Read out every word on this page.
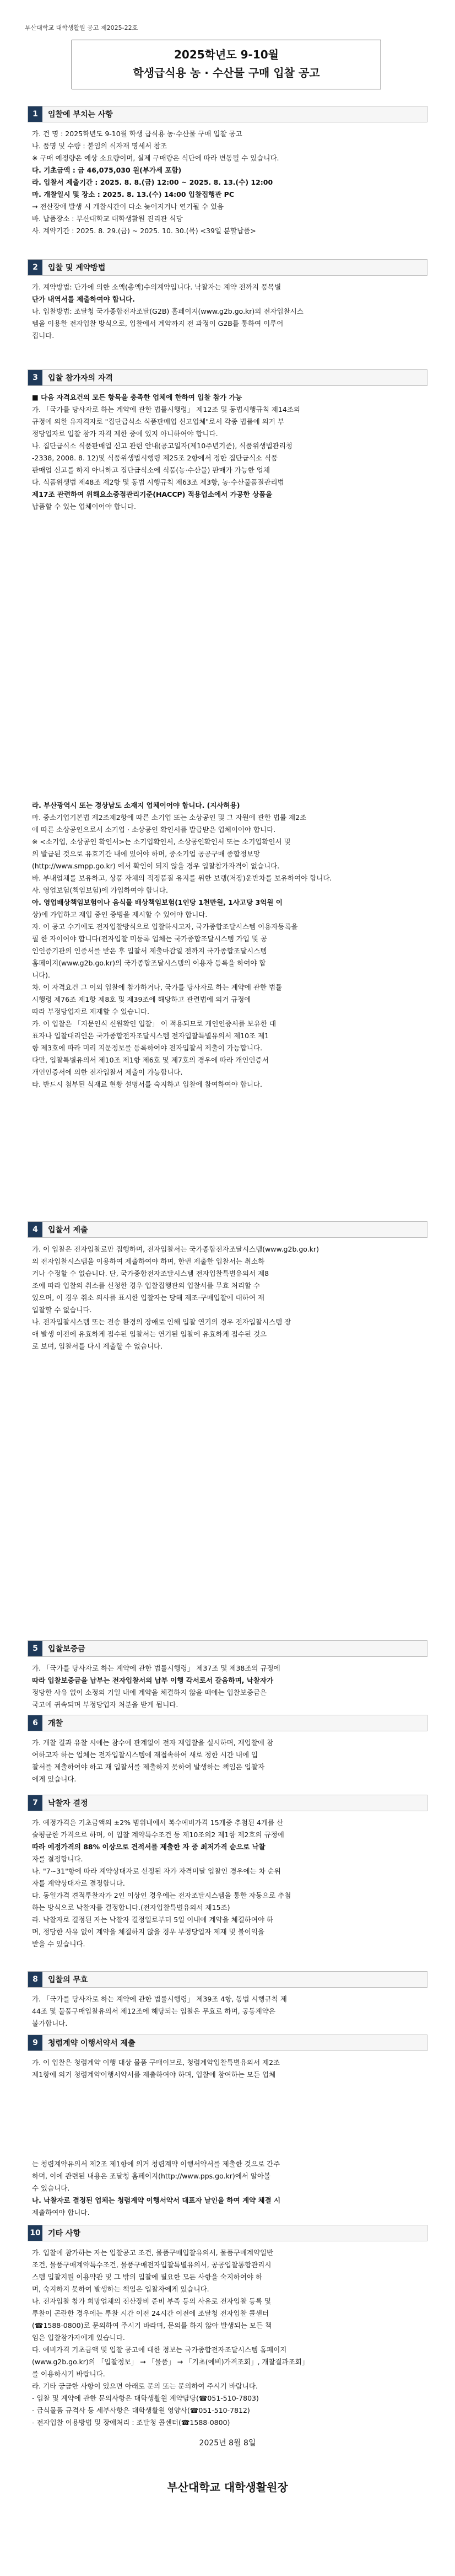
부산대학교 대학생활원 공고 제2025-22호
2025학년도 9-10월
학생급식용 농 · 수산물 구매 입찰 공고
1	입찰에 부치는 사항
가. 건 명 : 2025학년도 9-10월 학생 급식용 농·수산물 구매 입찰 공고
나. 품명 및 수량 : 붙임의 식자재 명세서 참조
※ 구매 예정량은 예상 소요량이며, 실제 구매량은 식단에 따라 변동될 수 있습니다.
다. 기초금액 : 금 46,075,030 원(부가세 포함)
라. 입찰서 제출기간 : 2025. 8. 8.(금) 12:00 ~ 2025. 8. 13.(수) 12:00
마. 개찰일시 및 장소 : 2025. 8. 13.(수) 14:00 입찰집행관 PC
→ 전산장애 발생 시 개찰시간이 다소 늦어지거나 연기될 수 있음
바. 납품장소 : 부산대학교 대학생활원 진리관 식당
사. 계약기간 : 2025. 8. 29.(금) ~ 2025. 10. 30.(목) <39일 분할납품>
2	입찰 및 계약방법
가. 계약방법: 단가에 의한 소액(총액)수의계약입니다. 낙찰자는 계약 전까지 품목별
단가 내역서를 제출하여야 합니다.
나. 입찰방법: 조달청 국가종합전자조달(G2B) 홈페이지(www.g2b.go.kr)의 전자입찰시스
템을 이용한 전자입찰 방식으로, 입찰에서 계약까지 전 과정이 G2B를 통하여 이루어
집니다.
3	입찰 참가자의 자격
■ 다음 자격요건의 모든 항목을 충족한 업체에 한하여 입찰 참가 가능
가. 「국가를 당사자로 하는 계약에 관한 법률시행령」 제12조 및 동법시행규칙 제14조의
규정에 의한 유자격자로 "집단급식소 식품판매업 신고업체"로서 각종 법률에 의거 부
정당업자로 입찰 참가 자격 제한 중에 있지 아니하여야 합니다.
나. 집단급식소 식품판매업 신고 관련 안내(공고일자(제10주년기준), 식품위생법관리청
-2338, 2008. 8. 12)및 식품위생법시행령 제25조 2항에서 정한 집단급식소 식품
판매업 신고를 하지 아니하고 집단급식소에 식품(농·수산물) 판매가 가능한 업체
다. 식품위생법 제48조 제2항 및 동법 시행규칙 제63조 제3항, 농·수산물품질관리법
제17조 관련하여 위해요소중점관리기준(HACCP) 적용업소에서 가공한 상품을
납품할 수 있는 업체이어야 합니다.
라. 부산광역시 또는 경상남도 소재지 업체이어야 합니다. (지사허용)
마. 중소기업기본법 제2조제2항에 따른 소기업 또는 소상공인 및 그 자원에 관한 법률 제2조
에 따른 소상공인으로서 소기업 · 소상공인 확인서를 발급받은 업체이어야 합니다.
※ <소기업, 소상공인 확인서>는 소기업확인서, 소상공인확인서 또는 소기업확인서 및
의 발급된 것으로 유효기간 내에 있어야 하며, 중소기업 공공구매 종합정보망
(http://www.smpp.go.kr) 에서 확인이 되지 않을 경우 입찰참가자격이 없습니다.
바. 부내업체를 보유하고, 상품 자체의 적정품질 유지를 위한 보랭(저장)운반차를 보유하여야 합니다.
사. 영업보험(책임보험)에 가입하여야 합니다.
아. 영업배상책임보험이나 음식물 배상책임보험(1인당 1천만원, 1사고당 3억원 이
상)에 가입하고 재입 중인 증빙을 제시할 수 있어야 합니다.
자. 이 공고 수기에도 전자입찰방식으로 입찰하시고자, 국가종합조달시스템 이용자등록을
필 한 자이어야 합니다(전자입찰 미등록 업체는 국가종합조달시스템 가입 및 공
인인증기관의 인증서를 받은 후 입찰서 제출마감일 전까지 국가종합조달시스템
홈페이지(www.g2b.go.kr)의 국가종합조달시스템의 이용자 등록을 하여야 합
니다).
차. 이 자격요건 그 이외 입찰에 참가하거나, 국가를 당사자로 하는 계약에 관한 법률
시행령 제76조 제1항 제8호 및 제39조에 해당하고 관련법에 의거 규정에
따라 부정당업자로 제재할 수 있습니다.
카. 이 입찰은 「지문인식 신원확인 입찰」 이 적용되므로 개인인증서를 보유한 대
표자나 입찰대리인은 국가종합전자조달시스템 전자입찰특별유의서 제10조 제1
항 제3호에 따라 미리 지문정보를 등록하여야 전자입찰서 제출이 가능합니다.
다만, 입찰특별유의서 제10조 제1항 제6호 및 제7호의 경우에 따라 개인인증서
개인인증서에 의한 전자입찰서 제출이 가능합니다.
타. 반드시 첨부된 식재료 현황 설명서를 숙지하고 입찰에 참여하여야 합니다.
4	입찰서 제출
가. 이 입찰은 전자입찰로만 집행하며, 전자입찰서는 국가종합전자조달시스템(www.g2b.go.kr)
의 전자입찰시스템을 이용하여 제출하여야 하며, 한번 제출한 입찰서는 취소하
거나 수정할 수 없습니다. 단, 국가종합전자조달시스템 전자입찰특별유의서 제8
조에 따라 입찰의 취소를 신청한 경우 입찰집행관의 입찰서를 무효 처리할 수
있으며, 이 경우 취소 의사를 표시한 입찰자는 당해 제조·구매입찰에 대하여 재
입찰할 수 없습니다.
나. 전자입찰시스템 또는 전송 환경의 장애로 인해 입찰 연기의 경우 전자입찰시스템 장
애 발생 이전에 유효하게 접수된 입찰서는 연기된 입찰에 유효하게 접수된 것으
로 보며, 입찰서를 다시 제출할 수 없습니다.
5	입찰보증금
가. 「국가를 당사자로 하는 계약에 관한 법률시행령」 제37조 및 제38조의 규정에
따라 입찰보증금을 납부는 전자입찰서의 납부 이행 각서로서 갈음하며, 낙찰자가
정당한 사유 없이 소정의 기일 내에 계약을 체결하지 않을 때에는 입찰보증금은
국고에 귀속되며 부정당업자 처분을 받게 됩니다.
6	개찰
가. 개찰 결과 유찰 시에는 참수에 관계없이 전자 재입찰을 실시하며, 재입찰에 참
여하고자 하는 업체는 전자입찰시스템에 재접속하여 새로 정한 시간 내에 입
찰서를 제출하여야 하고 재 입찰서를 제출하지 못하여 발생하는 책임은 입찰자
에게 있습니다.
7	낙찰자 결정
가. 예정가격은 기초금액의 ±2% 범위내에서 복수예비가격 15개중 추첨된 4개를 산
술평균한 가격으로 하며, 이 입찰 계약특수조건 등 제10조의2 제1항 제2호의 규정에
따라 예정가격의 88% 이상으로 견적서를 제출한 자 중 최저가격 순으로 낙찰
자를 결정합니다.
나. "7~31"항에 따라 계약상대자로 선정된 자가 자격미달 입찰인 경우에는 차 순위
자를 계약상대자로 결정합니다.
다. 동일가격 견적투찰자가 2인 이상인 경우에는 전자조달시스템을 통한 자동으로 추첨
하는 방식으로 낙찰자를 결정합니다.(전자입찰특별유의서 제15조)
라. 낙찰자로 결정된 자는 낙찰자 결정일로부터 5일 이내에 계약을 체결하여야 하
며, 정당한 사유 없이 계약을 체결하지 않을 경우 부정당업자 제재 및 불이익을
받을 수 있습니다.
8	입찰의 무효
가. 「국가를 당사자로 하는 계약에 관한 법률시행령」 제39조 4항, 동법 시행규칙 제
44조 및 물품구매입찰유의서 제12조에 해당되는 입찰은 무효로 하며, 공동계약은
불가합니다.
9	청렴계약 이행서약서 제출
가. 이 입찰은 청렴계약 이행 대상 물품 구매이므로, 청렴계약입찰특별유의서 제2조
제1항에 의거 청렴계약이행서약서를 제출하여야 하며, 입찰에 참여하는 모든 업체
는 청렴계약유의서 제2조 제1항에 의거 청렴계약 이행서약서를 제출한 것으로 간주
하며, 이에 관련된 내용은 조달청 홈페이지(http://www.pps.go.kr)에서 알아볼
수 있습니다.
나. 낙찰자로 결정된 업체는 청렴계약 이행서약서 대표자 날인을 하여 계약 체결 시
제출하여야 합니다.
10 기타 사항
가. 입찰에 참가하는 자는 입찰공고 조건, 물품구매입찰유의서, 물품구매계약일반
조건, 물품구매계약특수조건, 물품구매전자입찰특별유의서, 공공입찰통합관리시
스템 입찰지원 이용약관 및 그 밖의 입찰에 필요한 모든 사항을 숙지하여야 하
며, 숙지하지 못하여 발생하는 책임은 입찰자에게 있습니다.
나. 전자입찰 참가 희망업체의 전산장비 준비 부족 등의 사유로 전자입찰 등록 및
투찰이 곤란한 경우에는 투찰 시간 이전 24시간 이전에 조달청 전자입찰 콜센터
(☎1588-0800)로 문의하여 주시기 바라며, 문의를 하지 않아 발생되는 모든 책
임은 입찰참가자에게 있습니다.
다. 예비가격 기초금액 및 입찰 공고에 대한 정보는 국가종합전자조달시스템 홈페이지
(www.g2b.go.kr)의 「입찰정보」 → 「물품」 → 「기초(예비)가격조회」, 개찰결과조회」
를 이용하시기 바랍니다.
라. 기타 궁금한 사항이 있으면 아래로 문의 또는 문의하여 주시기 바랍니다.
- 입찰 및 계약에 관한 문의사항은 대학생활원 계약담당(☎051-510-7803)
- 급식물품 규격사 등 세부사항은 대학생활원 영양사(☎051-510-7812)
- 전자입찰 이용방법 및 장애처리 : 조달청 콜센터(☎1588-0800)
2025년 8월 8일
부산대학교 대학생활원장
